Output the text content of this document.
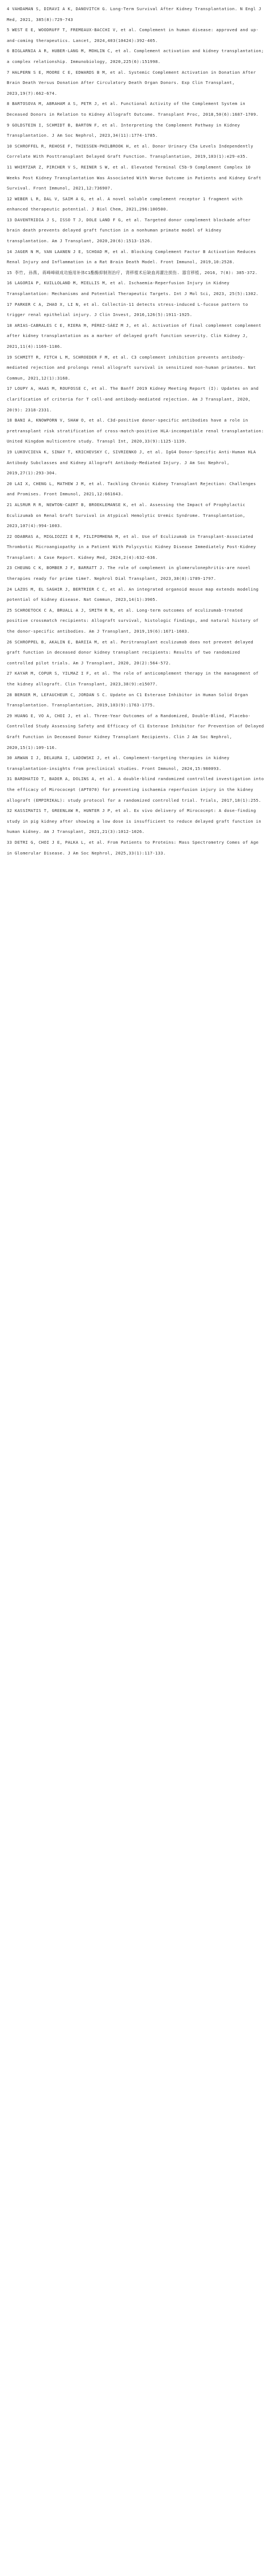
4 VAHDAMAN S, DIRAVI A K, DANOVITCH G. Long-Term Survival After Kidney Transplantation. N Engl J Med, 2021, 385(8):729-743
5 WEST E E, WOODRUFF T, FREMEAUX-BACCHI V, et al. Complement in human disease: approved and up-and-coming therapeutics. Lancet, 2024,403(10424):392-405.
6 BIGLARNIA A R, HUBER-LANG M, MOHLIN C, et al. Complement activation and kidney transplantation; a complex relationship. Immunobiology, 2020,225(6):151998.
7 HALPERN S E, MOORE C E, EDWARDS B M, et al. Systemic Complement Activation in Donation After Brain Death Versus Donation After Circulatory Death Organ Donors. Exp Clin Transplant, 2023,19(7):662-674.
8 BARTOSOVA M, ABRAHAM A S, PETR J, et al. Functional Activity of the Complement System in Deceased Donors in Relation to Kidney Allograft Outcome. Transplant Proc, 2018,50(6):1687-1709.
9 GOLDSTEIN I, SCHMIDT B, BARTON F, et al. Interpreting the Complement Pathway in Kidney Transplantation. J Am Soc Nephrol, 2023,34(11):1774-1785.
10 SCHROFFEL R, REHOSE F, THIESSEN-PHILBROOK H, et al. Donor Urinary C5a Levels Independently Correlate With Posttransplant Delayed Graft Function. Transplantation, 2019,103(1):e29-e35.
11 WHIRTZAR Z, PIRCHER V S, REINER S W, et al. Elevated Terminal C5b-9 Complement Complex 10 Weeks Post Kidney Transplantation Was Associated With Worse Outcome in Patients and Kidney Graft Survival. Front Immunol, 2021,12:736907.
12 WEBER L R, DAL V, SAIM A G, et al. A novel soluble complement receptor 1 fragment with enhanced therapeutic potential. J Biol Chem, 2021,296:100500.
13 DAVENTRIDIA J S, ISSO T J, DOLE LAND F G, et al. Targeted donor complement blockade after brain death prevents delayed graft function in a nonhuman primate model of kidney transplantation. Am J Transplant, 2020,20(6):1513-1526.
14 JAGER N M, VAN LAANEN J E, SCHOAD M, et al. Blocking Complement Factor B Activation Reduces Renal Injury and Inflammation in a Rat Brain Death Model. Front Immunol, 2019,10:2528.
15 李竹, 孙燕, 蒋峰峰硕成功施用补体C1酯酶抑制剂治疗, 肾移植术后缺血再灌注损伤. 器官移植, 2016, 7(8): 385-372.
16 LAGORIA P, KUILLOLAND M, MIELLIS M, et al. Ischaemia-Reperfusion Injury in Kidney Transplantation: Mechanisms and Potential Therapeutic Targets. Int J Mol Sci, 2023, 25(5):1302.
17 PARKER C A, ZHAO X, LI N, et al. Collectin-11 detects stress-induced L-fucose pattern to trigger renal epithelial injury. J Clin Invest, 2016,126(5):1911-1925.
18 ARIAS-CABRALES C E, RIERA M, PÉREZ-SÁEZ M J, et al. Activation of final complement complement after kidney transplantation as a marker of delayed graft function severity. Clin Kidney J, 2021,11(4):1169-1186.
19 SCHMITT R, FITCH L M, SCHROEDER F M, et al. C3 complement inhibition prevents antibody-mediated rejection and prolongs renal allograft survival in sensitized non-human primates. Nat Commun, 2021,12(1):3168.
17 LOUPY A, HAAS M, ROUFOSSE C, et al. The Banff 2019 Kidney Meeting Report (I): Updates on and clarification of criteria for T cell-and antibody-mediated rejection. Am J Transplant, 2020, 20(9): 2318-2331.
18 BANI A, KNOWPORN V, SHAW O, et al. C3d-positive donor-specific antibodies have a role in pretransplant risk stratification of cross-match-positive HLA-incompatible renal transplantation: United Kingdom multicentre study. Transpl Int, 2020,33(9):1125-1139.
19 LUKOVCIEVA K, SINAY T, KRICHEVSKY C, SIVRIENKO J, et al. IgG4 Donor-Specific Anti-Human HLA Antibody Subclasses and Kidney Allograft Antibody-Mediated Injury. J Am Soc Nephrol, 2019,27(1):293-304.
20 LAI X, CHENG L, MATHEW J M, et al. Tackling Chronic Kidney Transplant Rejection: Challenges and Promises. Front Immunol, 2021,12:661643.
21 ALSRUR R R, NEWTON-CAERT B, BROEKLEMANSE K, et al. Assessing the Impact of Prophylactic Eculizumab on Renal Graft Survival in Atypical Hemolytic Uremic Syndrome. Transplantation, 2023,107(4):994-1003.
22 ODABRAS A, MIGLIOZZI E R, FILIPOMHENA M, et al. Use of Eculizumab in Transplant-Associated Thrombotic Microangiopathy in a Patient With Polycystic Kidney Disease Immediately Post-Kidney Transplant: A Case Report. Kidney Med, 2024,2(4):632-636.
23 CHEUNG C K, BOMBER J F, BARRATT J. The role of complement in glomerulonephritis-are novel therapies ready for prime time?. Nephrol Dial Transplant, 2023,38(8):1789-1797.
24 LAZOS M, EL SAGHIR J, BERTRIER C C, et al. An integrated organoid mouse map extends modeling potential of kidney disease. Nat Commun, 2023,14(1):3905.
25 SCHROETOCK C A, BRUALL A J, SMITH R N, et al. Long-term outcomes of eculizumab-treated positive crossmatch recipients: Allograft survival, histologic findings, and natural history of the donor-specific antibodies. Am J Transplant, 2019,19(6):1671-1683.
26 SCHROPPEL B, AKALIN E, BARIIA M, et al. Peritransplant eculizumab does not prevent delayed graft function in deceased donor kidney transplant recipients: Results of two randomized controlled pilot trials. Am J Transplant, 2020, 20(2):564-572.
27 KAYAR M, COPUR S, YILMAZ I F, et al. The role of anticomplement therapy in the management of the kidney allograft. Clin Transplant, 2023,38(9):e15077.
28 BERGER M, LEFAUCHEUR C, JORDAN S C. Update on C1 Esterase Inhibitor in Human Solid Organ Transplantation. Transplantation, 2019,103(9):1763-1775.
29 HUANG E, VO A, CHOI J, et al. Three-Year Outcomes of a Randomized, Double-Blind, Placebo-Controlled Study Assessing Safety and Efficacy of C1 Esterase Inhibitor for Prevention of Delayed Graft Function in Deceased Donor Kidney Transplant Recipients. Clin J Am Soc Nephrol, 2020,15(1):109-116.
30 ARWAN I J, DELAURA I, LADOWSKI J, et al. Complement-targeting therapies in kidney transplantation-insights from preclinical studies. Front Immunol, 2024,15:980093.
31 BARDHATIO T, BADER A, DOLINS A, et al. A double-blind randomized controlled investigation into the efficacy of Mirococept (APT070) for preventing ischaemia reperfusion injury in the kidney allograft (EMPIRIKAL): study protocol for a randomized controlled trial. Trials, 2017,18(1):255.
32 KASSIMATIS T, GREENLAW R, HUNTER J P, et al. Ex vivo delivery of Mirococept: A dose-finding study in pig kidney after showing a low dose is insufficient to reduce delayed graft function in human kidney. Am J Transplant, 2021,21(3):1012-1026.
33 DETRI G, CHOI J E, PALKA L, et al. From Patients to Proteins: Mass Spectrometry Comes of Age in Glomerular Disease. J Am Soc Nephrol, 2025,33(1):117-133.
